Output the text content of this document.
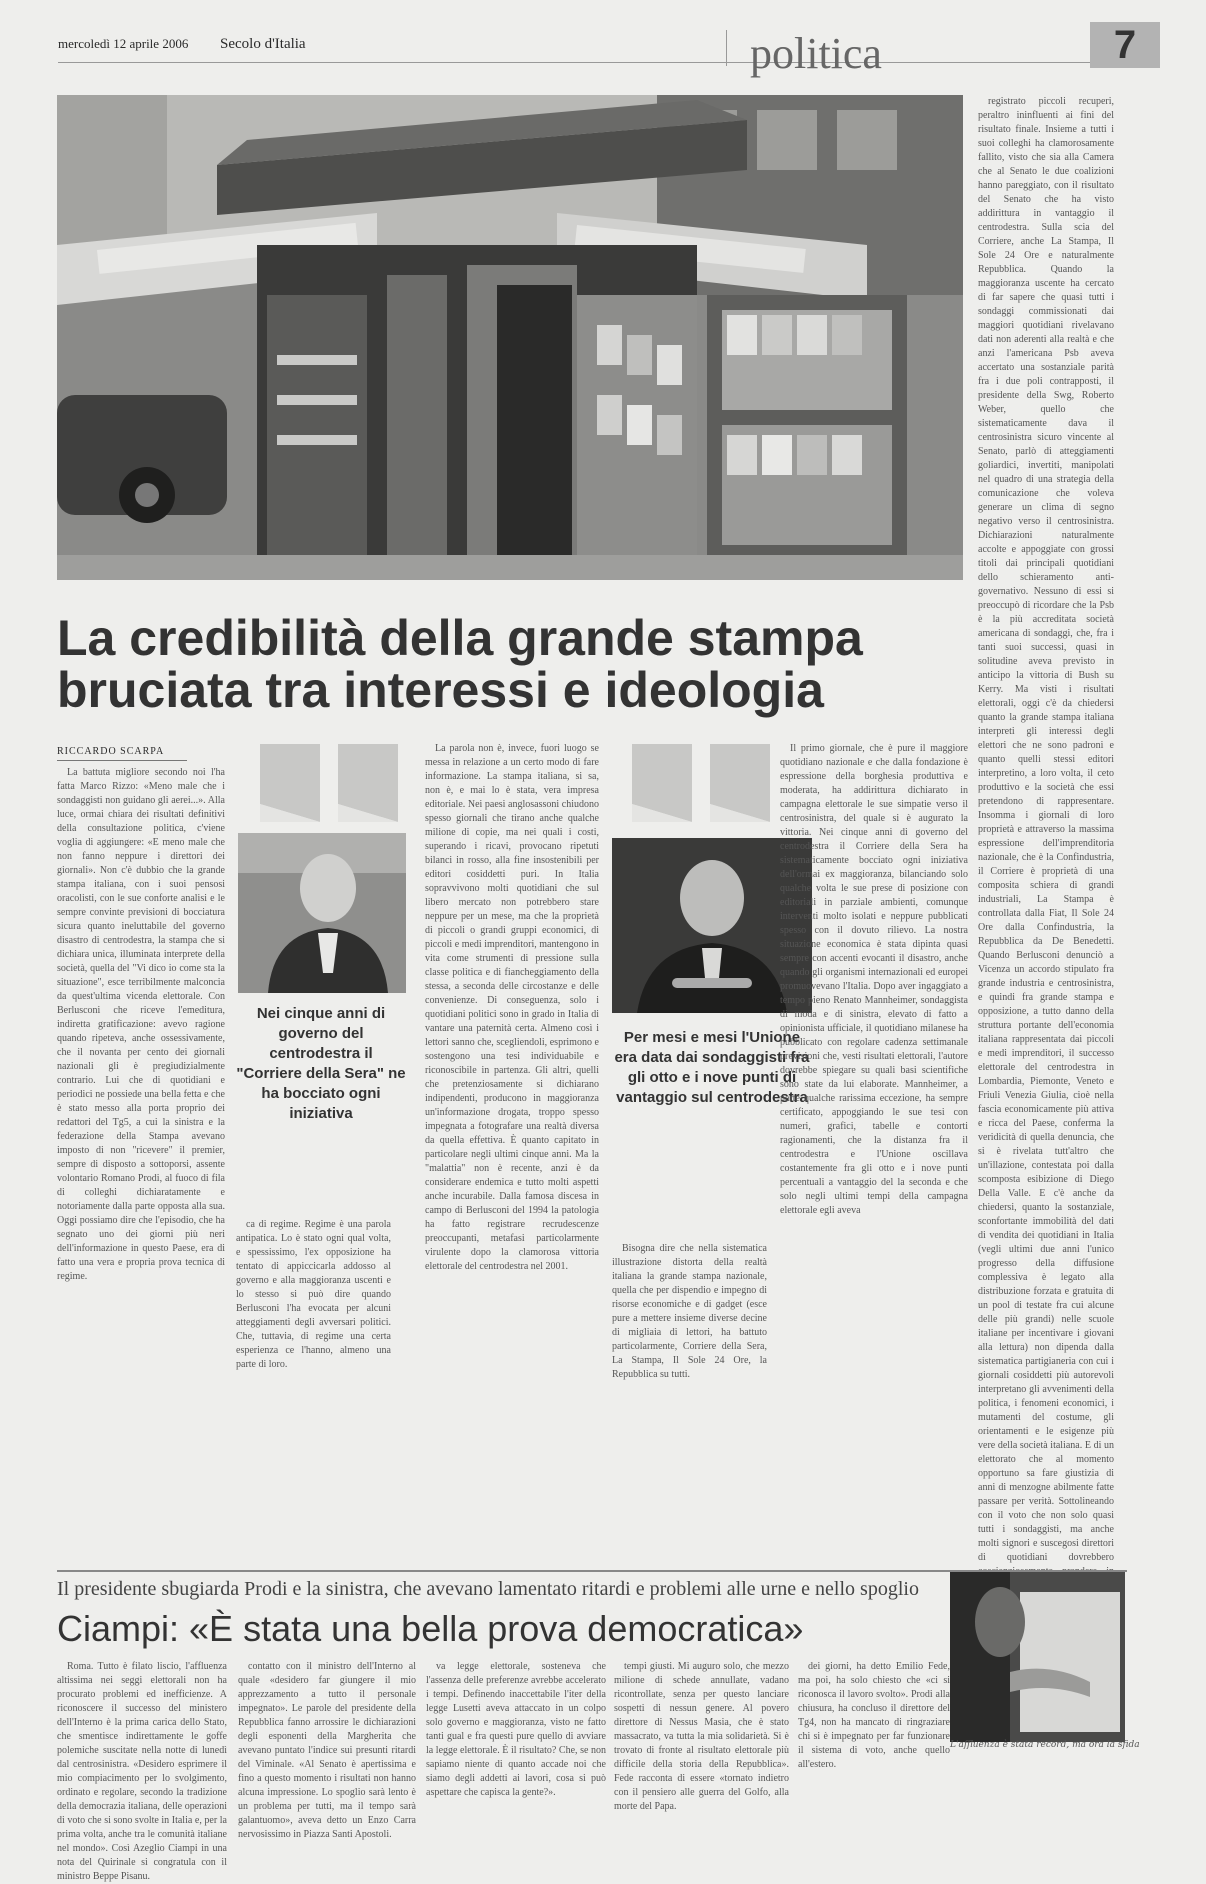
mercoledì 12 aprile 2006 Secolo d'Italia	politica	7

registrato piccoli recuperi, peraltro ininfluenti ai fini del risultato finale. Insieme a tutti i suoi colleghi ha clamorosamente fallito, visto che sia alla Camera che al Senato le due coalizioni hanno pareggiato, con il risultato del Senato che ha visto addirittura in vantaggio il centrodestra. Sulla scia del Corriere, anche La Stampa, Il Sole 24 Ore e naturalmente Repubblica. Quando la maggioranza uscente ha cercato di far sapere che quasi tutti i sondaggi commissionati dai maggiori quotidiani rivelavano dati non aderenti alla realtà e che anzi l'americana Psb aveva accertato una sostanziale parità fra i due poli contrapposti, il presidente della Swg, Roberto Weber, quello che sistematicamente dava il centrosinistra sicuro vincente al Senato, parlò di atteggiamenti goliardici, invertiti, manipolati nel quadro di una strategia della comunicazione che voleva generare un clima di segno negativo verso il centrosinistra. Dichiarazioni naturalmente accolte e appoggiate con grossi titoli dai principali quotidiani dello schieramento anti-governativo. Nessuno di essi si preoccupò di ricordare che la Psb è la più accreditata società americana di sondaggi, che, fra i tanti suoi successi, quasi in solitudine aveva previsto in anticipo la vittoria di Bush su Kerry. Ma visti i risultati elettorali, oggi c'è da chiedersi quanto la grande stampa italiana interpreti gli interessi degli elettori che ne sono padroni e quanto quelli stessi editori interpretino, a loro volta, il ceto produttivo e la società che essi pretendono di rappresentare. Insomma i giornali di loro proprietà e attraverso la massima espressione dell'imprenditoria nazionale, che è la Confindustria, il Corriere è proprietà di una composita schiera di grandi industriali, La Stampa è controllata dalla Fiat, Il Sole 24 Ore dalla Confindustria, la Repubblica da De Benedetti. Quando Berlusconi denunciò a Vicenza un accordo stipulato fra grande industria e centrosinistra, e quindi fra grande stampa e opposizione, a tutto danno della struttura portante dell'economia italiana rappresentata dai piccoli e medi imprenditori, il successo elettorale del centrodestra in Lombardia, Piemonte, Veneto e Friuli Venezia Giulia, cioè nella fascia economicamente più attiva e ricca del Paese, conferma la veridicità di quella denuncia, che si è rivelata tutt'altro che un'illazione, contestata poi dalla scomposta esibizione di Diego Della Valle. E c'è anche da chiedersi, quanto la sostanziale, sconfortante immobilità del dati di vendita dei quotidiani in Italia (vegli ultimi due anni l'unico progresso della diffusione complessiva è legato alla distribuzione forzata e gratuita di un pool di testate fra cui alcune delle più grandi) nelle scuole italiane per incentivare i giovani alla lettura) non dipenda dalla sistematica partigianeria con cui i giornali cosiddetti più autorevoli interpretano gli avvenimenti della politica, i fenomeni economici, i mutamenti del costume, gli orientamenti e le esigenze più vere della società italiana. E di un elettorato che al momento opportuno sa fare giustizia di anni di menzogne abilmente fatte passare per verità. Sottolineando con il voto che non solo quasi tutti i sondaggisti, ma anche molti signori e suscegosi direttori di quotidiani dovrebbero

La credibilità della grande stampa bruciata tra interessi e ideologia
RICCARDO SCARPA

La battuta migliore secondo noi l'ha fatta Marco Rizzo: «Meno male che i sondaggisti non guidano gli aerei...». Alla luce, ormai chiara dei risultati definitivi della consultazione politica, c'viene voglia di aggiungere: «E meno male che non fanno neppure i direttori dei giornali». Non c'è dubbio che la grande stampa italiana, con i suoi pensosi oracolisti, con le sue conforte analisi e le sempre convinte previsioni di bocciatura sicura quanto ineluttabile del governo disastro di centrodestra, la stampa che si dichiara unica, illuminata interprete della società, quella del "Vi dico io come sta la situazione", esce terribilmente malconcia da quest'ultima vicenda elettorale. Con Berlusconi che riceve l'emeditura, indiretta gratificazione: avevo ragione quando ripeteva, anche ossessivamente, che il novanta per cento dei giornali nazionali gli è pregiudizialmente contrario. Lui che di quotidiani e periodici ne possiede una bella fetta e che è stato messo alla porta proprio dei redattori del Tg5, a cui la sinistra e la federazione della Stampa avevano imposto di non "ricevere" il premier, sempre di disposto a sottoporsi, assente volontario Romano Prodi, al fuoco di fila di colleghi dichiaratamente e notoriamente dalla parte opposta alla sua. Oggi possiamo dire che l'episodio, che ha segnato uno dei giorni più neri dell'informazione in questo Paese, era di fatto una vera e propria prova tecnica di regime.

Nei cinque anni di governo del centrodestra il "Corriere della Sera" ne ha bocciato ogni iniziativa

ca di regime. Regime è una parola antipatica. Lo è stato ogni qual volta, e spessissimo, l'ex opposizione ha tentato di appiccicarla addosso al governo e alla maggioranza uscenti e lo stesso si può dire quando Berlusconi l'ha evocata per alcuni atteggiamenti degli avversari politici. Che, tuttavia, di regime una certa esperienza ce l'hanno, almeno una parte di loro.

La parola non è, invece, fuori luogo se messa in relazione a un certo modo di fare informazione. La stampa italiana, si sa, non è, e mai lo è stata, vera impresa editoriale. Nei paesi anglosassoni chiudono spesso giornali che tirano anche qualche milione di copie, ma nei quali i costi, superando i ricavi, provocano ripetuti bilanci in rosso, alla fine insostenibili per editori cosiddetti puri. In Italia sopravvivono molti quotidiani che sul libero mercato non potrebbero stare neppure per un mese, ma che la proprietà di piccoli o grandi gruppi economici, di piccoli e medi imprenditori, mantengono in vita come strumenti di pressione sulla classe politica e di fiancheggiamento della stessa, a seconda delle circostanze e delle convenienze. Di conseguenza, solo i quotidiani politici sono in grado in Italia di vantare una paternità certa. Almeno così i lettori sanno che, scegliendoli, esprimono e sostengono una tesi individuabile e riconoscibile in partenza. Gli altri, quelli che pretenziosamente si dichiarano indipendenti, producono in maggioranza un'informazione drogata, troppo spesso impegnata a fotografare una realtà diversa da quella effettiva. È quanto capitato in particolare negli ultimi cinque anni. Ma la "malattia" non è recente, anzi è da considerare endemica e tutto molti aspetti anche incurabile. Dalla famosa discesa in campo di Berlusconi del 1994 la patologia ha fatto registrare recrudescenze preoccupanti, metafasi particolarmente virulente dopo la clamorosa vittoria elettorale del centrodestra nel 2001.

Per mesi e mesi l'Unione era data dai sondaggisti fra gli otto e i nove punti di vantaggio sul centrodestra

Bisogna dire che nella sistematica illustrazione distorta della realtà italiana la grande stampa nazionale, quella che per dispendio e impegno di risorse economiche e di gadget (esce pure a mettere insieme diverse decine di migliaia di lettori, ha battuto particolarmente, Corriere della Sera, La Stampa, Il Sole 24 Ore, la Repubblica su tutti.

Il primo giornale, che è pure il maggiore quotidiano nazionale e che dalla fondazione è espressione della borghesia produttiva e moderata, ha addirittura dichiarato in campagna elettorale le sue simpatie verso il centrosinistra, del quale si è augurato la vittoria. Nei cinque anni di governo del centrodestra il Corriere della Sera ha sistematicamente bocciato ogni iniziativa dell'ormai ex maggioranza, bilanciando solo qualche volta le sue prese di posizione con editoriali in parziale ambienti, comunque interventi molto isolati e neppure pubblicati spesso con il dovuto rilievo. La nostra situazione economica è stata dipinta quasi sempre con accenti evocanti il disastro, anche quando gli organismi internazionali ed europei promuovevano l'Italia. Dopo aver ingaggiato a tempo pieno Renato Mannheimer, sondaggista di moda e di sinistra, elevato di fatto a opinionista ufficiale, il quotidiano milanese ha pubblicato con regolare cadenza settimanale previsioni che, vesti risultati elettorali, l'autore dovrebbe spiegare su quali basi scientifiche sono state da lui elaborate. Mannheimer, a parte qualche rarissima eccezione, ha sempre certificato, appoggiando le sue tesi con numeri, grafici, tabelle e contorti ragionamenti, che la distanza fra il centrodestra e l'Unione oscillava costantemente fra gli otto e i nove punti percentuali a vantaggio del la seconda e che solo negli ultimi tempi della campagna elettorale egli aveva

Il presidente sbugiarda Prodi e la sinistra, che avevano lamentato ritardi e problemi alle urne e nello spoglio
Ciampi: «È stata una bella prova democratica»

Roma. Tutto è filato liscio, l'affluenza altissima nei seggi elettorali non ha procurato problemi ed inefficienze. A riconoscere il successo del ministero dell'Interno è la prima carica dello Stato, che smentisce indirettamente le goffe polemiche suscitate nella notte di lunedì dal centrosinistra. «Desidero esprimere il mio compiacimento per lo svolgimento, ordinato e regolare, secondo la tradizione della democrazia italiana, delle operazioni di voto che si sono svolte in Italia e, per la prima volta, anche tra le comunità italiane nel mondo». Così Azeglio Ciampi in una nota del Quirinale si congratula con il ministro Beppe Pisanu.

contatto con il ministro dell'Interno al quale «desidero far giungere il mio apprezzamento a tutto il personale impegnato». Le parole del presidente della Repubblica fanno arrossire le dichiarazioni degli esponenti della Margherita che avevano puntato l'indice sui presunti ritardi del Viminale. «Al Senato è apertissima e fino a questo momento i risultati non hanno alcuna impressione. Lo spoglio sarà lento è un problema per tutti, ma il tempo sarà galantuomo», aveva detto un Enzo Carra nervosissimo in Piazza Santi Apostoli.

va legge elettorale, sosteneva che l'assenza delle preferenze avrebbe accelerato i tempi. Definendo inaccettabile l'iter della legge Lusetti aveva attaccato in un colpo solo governo e maggioranza, visto ne fatto tanti gual e fra questi pure quello di avviare la legge elettorale. È il risultato? Che, se non sapiamo niente di quanto accade noi che siamo degli addetti ai lavori, cosa si può aspettare che capisca la gente?».

tempi giusti. Mi auguro solo, che mezzo milione di schede annullate, vadano ricontrollate, senza per questo lanciare sospetti di nessun genere. Al povero direttore di Nessus Masia, che è stato massacrato, va tutta la mia solidarietà. Si è trovato di fronte al risultato elettorale più difficile della storia della Repubblica». Fede racconta di essere «tornato indietro con il pensiero alle guerra del Golfo, alla morte del Papa.

dei giorni, ha detto Emilio Fede, ma poi, ha solo chiesto che «ci si riconosca il lavoro svolto». Prodi alla chiusura, ha concluso il direttore del Tg4, non ha mancato di ringraziare chi si è impegnato per far funzionare il sistema di voto, anche quello all'estero.

L'affluenza è stata record, ma ora la sfida
